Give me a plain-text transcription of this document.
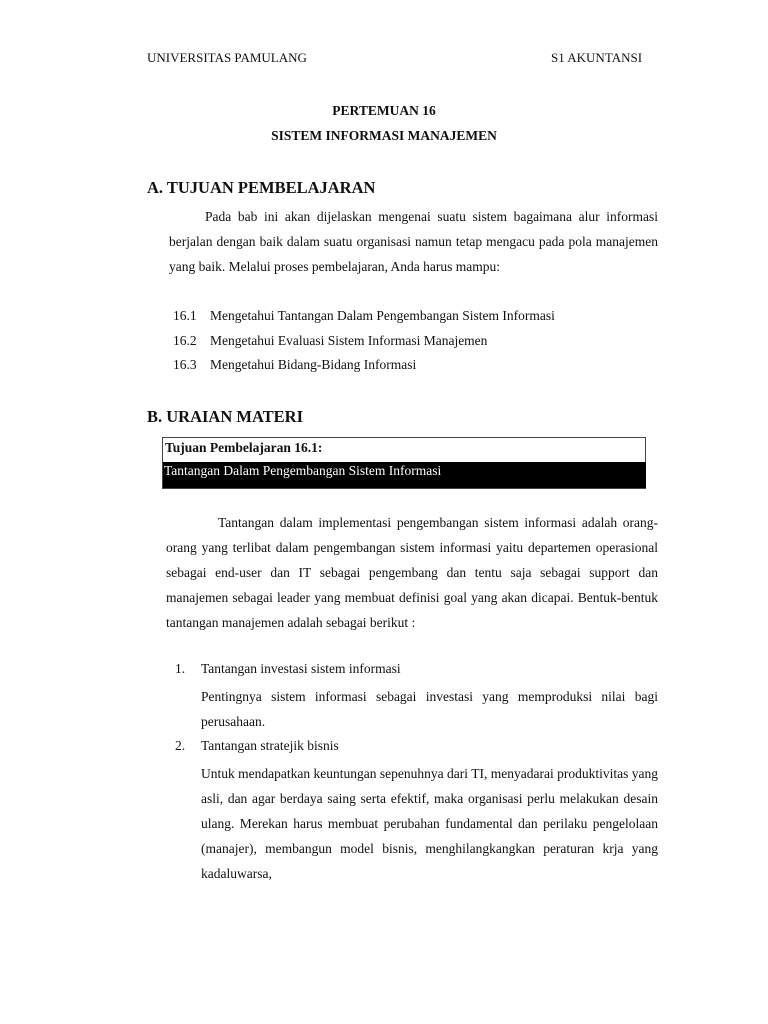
UNIVERSITAS PAMULANG	S1 AKUNTANSI
PERTEMUAN 16
SISTEM INFORMASI MANAJEMEN
A. TUJUAN PEMBELAJARAN
Pada bab ini akan dijelaskan mengenai suatu sistem bagaimana alur informasi berjalan dengan baik dalam suatu organisasi namun tetap mengacu pada pola manajemen yang baik. Melalui proses pembelajaran, Anda harus mampu:
16.1 Mengetahui Tantangan Dalam Pengembangan Sistem Informasi
16.2 Mengetahui Evaluasi Sistem Informasi Manajemen
16.3 Mengetahui Bidang-Bidang Informasi
B. URAIAN MATERI
Tujuan Pembelajaran 16.1:
Tantangan Dalam Pengembangan Sistem Informasi
Tantangan dalam implementasi pengembangan sistem informasi adalah orang-orang yang terlibat dalam pengembangan sistem informasi yaitu departemen operasional sebagai end-user dan IT sebagai pengembang dan tentu saja sebagai support dan manajemen sebagai leader yang membuat definisi goal yang akan dicapai. Bentuk-bentuk tantangan manajemen adalah sebagai berikut :
1. Tantangan investasi sistem informasi
Pentingnya sistem informasi sebagai investasi yang memproduksi nilai bagi perusahaan.
2. Tantangan stratejik bisnis
Untuk mendapatkan keuntungan sepenuhnya dari TI, menyadarai produktivitas yang asli, dan agar berdaya saing serta efektif, maka organisasi perlu melakukan desain ulang. Merekan harus membuat perubahan fundamental dan perilaku pengelolaan (manajer), membangun model bisnis, menghilangkangkan peraturan krja yang kadaluwarsa,
